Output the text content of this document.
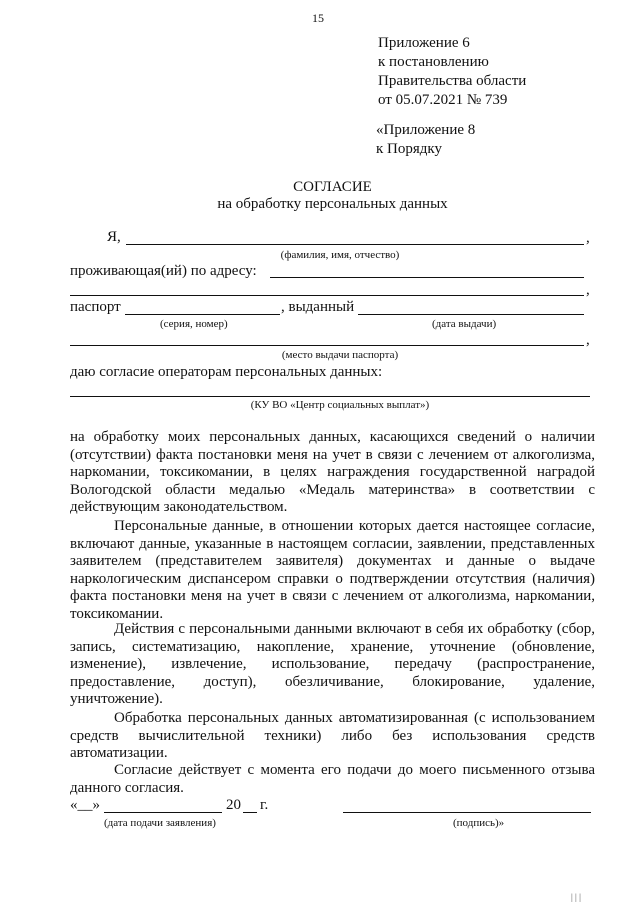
15
Приложение 6
к постановлению
Правительства области
от 05.07.2021 № 739
«Приложение 8
к Порядку
СОГЛАСИЕ
на обработку персональных данных
Я,	,
(фамилия, имя, отчество)
проживающая(ий) по адресу:
,
паспорт	, выданный
(серия, номер)	(дата выдачи)
,
(место выдачи паспорта)
даю согласие операторам персональных данных:
(КУ ВО «Центр социальных выплат»)
на обработку моих персональных данных, касающихся сведений о наличии
(отсутствии) факта постановки меня на учет в связи с лечением от алкоголизма,
наркомании, токсикомании, в целях награждения государственной наградой
Вологодской области медалью «Медаль материнства» в соответствии с
действующим законодательством.
Персональные данные, в отношении которых дается настоящее согласие,
включают данные, указанные в настоящем согласии, заявлении, представленных
заявителем (представителем заявителя) документах и данные о выдаче
наркологическим диспансером справки о подтверждении отсутствия (наличия)
факта постановки меня на учет в связи с лечением от алкоголизма, наркомании,
токсикомании.
Действия с персональными данными включают в себя их обработку (сбор,
запись, систематизацию, накопление, хранение, уточнение (обновление,
изменение), извлечение, использование, передачу (распространение,
предоставление, доступ), обезличивание, блокирование, удаление,
уничтожение).
Обработка персональных данных автоматизированная (с использованием
средств вычислительной техники) либо без использования средств
автоматизации.
Согласие действует с момента его подачи до моего письменного отзыва
данного согласия.
«__»	20 г.
(дата подачи заявления)	(подпись)»
| | |
